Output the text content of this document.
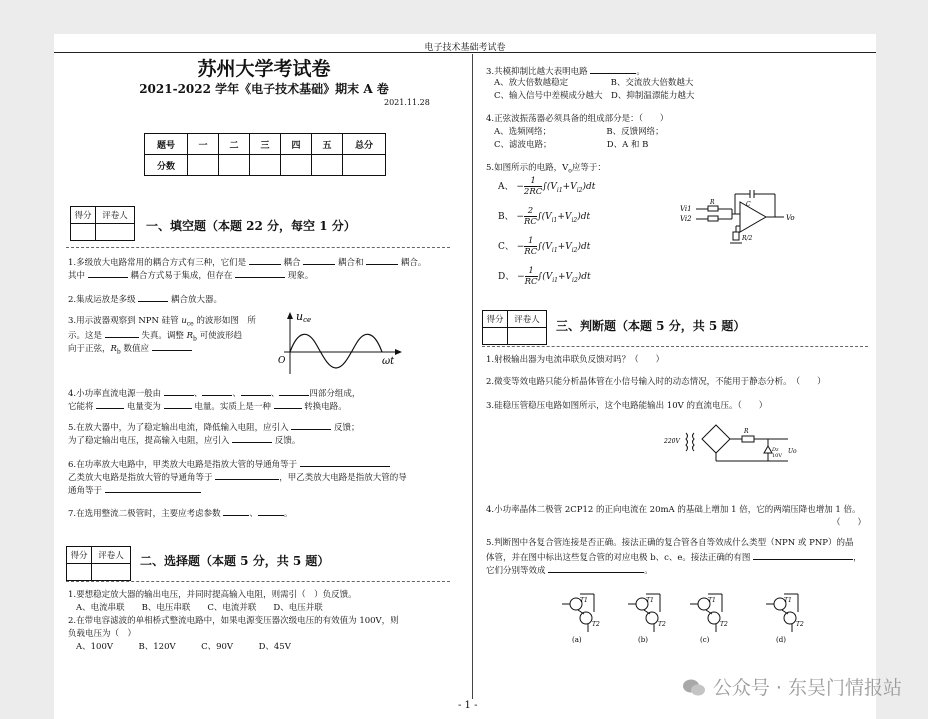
电子技术基础考试卷
苏州大学考试卷
2021-2022 学年《电子技术基础》期末 A 卷
2021.11.28
题号	一	二	三	四	五	总分
分数						
得分	评卷人

一、填空题（本题 22 分，每空 1 分）
1.多级放大电路常用的耦合方式有三种，它们是	耦合	耦合和	耦合。
其中	耦合方式易于集成，但存在	现象。
2.集成运放是多级	耦合放大器。
3.用示波器观察到 NPN 硅管 $u_{ce}$ 的波形如图　所
示。这是	失真。调整 $R_b$ 可使波形趋
向于正弦，$R_b$ 数值应
uce
O	ωt
4.小功率直流电源一般由	、	、	、	四部分组成，
它能将	电量变为	电量。实质上是一种	转换电路。
5.在放大器中，为了稳定输出电流，降低输入电阻，应引入	反馈；
为了稳定输出电压，提高输入电阻，应引入	反馈。
6.在功率放大电路中，甲类放大电路是指放大管的导通角等于
乙类放大电路是指放大管的导通角等于	，甲乙类放大电路是指放大管的导
通角等于
7.在选用整流二极管时，主要应考虑参数	、	。
得分	评卷人
	二、选择题（本题 5 分，共 5 题）
1.要想稳定放大器的输出电压，并同时提高输入电阻，则需引（　）负反馈。
A、电流串联　　B、电压串联　　C、电流并联　　D、电压并联
2.在带电容滤波的单相桥式整流电路中，如果电源变压器次级电压的有效值为 100V，则
负载电压为（　）
A、100V　　　B、120V　　　C、90V　　　D、45V
3.共模抑制比越大表明电路	。
A、放大倍数越稳定　　　　　B、交流放大倍数越大
C、输入信号中差模成分越大　D、抑制温漂能力越大
4.正弦波振荡器必须具备的组成部分是：（　　）
A、选频网络；　　　　　　　B、反馈网络；
C、滤波电路；　　　　　　　D、A 和 B
5.如图所示的电路，$V_o$应等于：
A、 − $\frac{1}{2RC} \int(V_{i1}+V_{i2})dt$
B、 − $\frac{2}{RC} \int(V_{i1}+V_{i2})dt$
C、 − $\frac{1}{RC} \int(V_{i1}+V_{i2})dt$
D、 − $\frac{1}{RC} \int(V_{i1}+V_{i2})dt$
Vi1
Vi2
R
Vo
C
R/2
得分	评卷人
	三、判断题（本题 5 分，共 5 题）
1.射极输出器为电流串联负反馈对吗？（　　）
2.微变等效电路只能分析晶体管在小信号输入时的动态情况，不能用于静态分析。　（　　）
3.硅稳压管稳压电路如图所示，这个电路能输出 10V 的直流电压。（　　）
220V
R
Dz
10V
Uo
4.小功率晶体二极管 2CP12 的正向电流在 20mA 的基础上增加 1 倍，它的两端压降也增加 1 倍。
（　　）
5.判断图中各复合管连接是否正确。接法正确的复合管各自等效成什么类型（NPN 或 PNP）的晶
体管，并在图中标出这些复合管的对应电极 b、c、e。接法正确的有图	，
它们分别等效成	。
T1
T2
(a)
T1
T2
(b)
T1
T2
(c)
T1
T2
(d)
- 1 -
公众号 · 东吴门情报站
